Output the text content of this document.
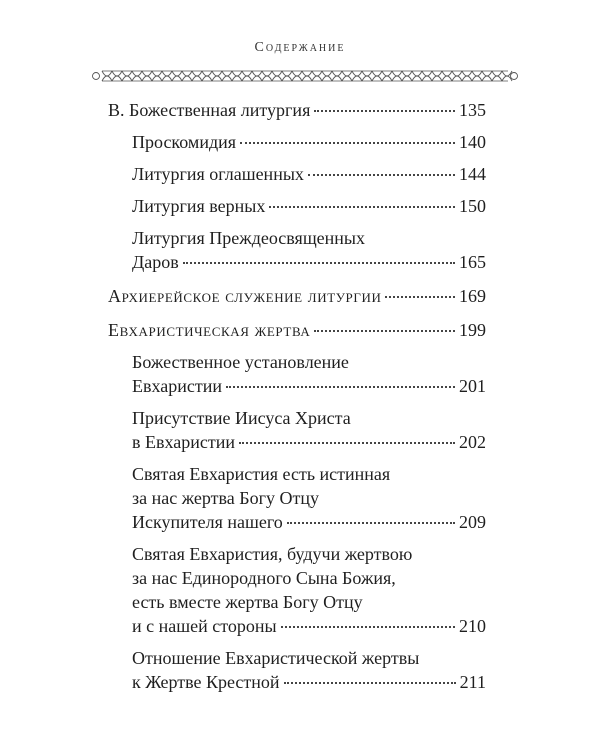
Содержание
В. Божественная литургия	135
Проскомидия	140
Литургия оглашенных	144
Литургия верных	150
Литургия Преждеосвященных
Даров	165
Архиерейское служение литургии	169
Евхаристическая жертва	199
Божественное установление
Евхаристии	201
Присутствие Иисуса Христа
в Евхаристии	202
Святая Евхаристия есть истинная
за нас жертва Богу Отцу
Искупителя нашего	209
Святая Евхаристия, будучи жертвою
за нас Единородного Сына Божия,
есть вместе жертва Богу Отцу
и с нашей стороны	210
Отношение Евхаристической жертвы
к Жертве Крестной	211
